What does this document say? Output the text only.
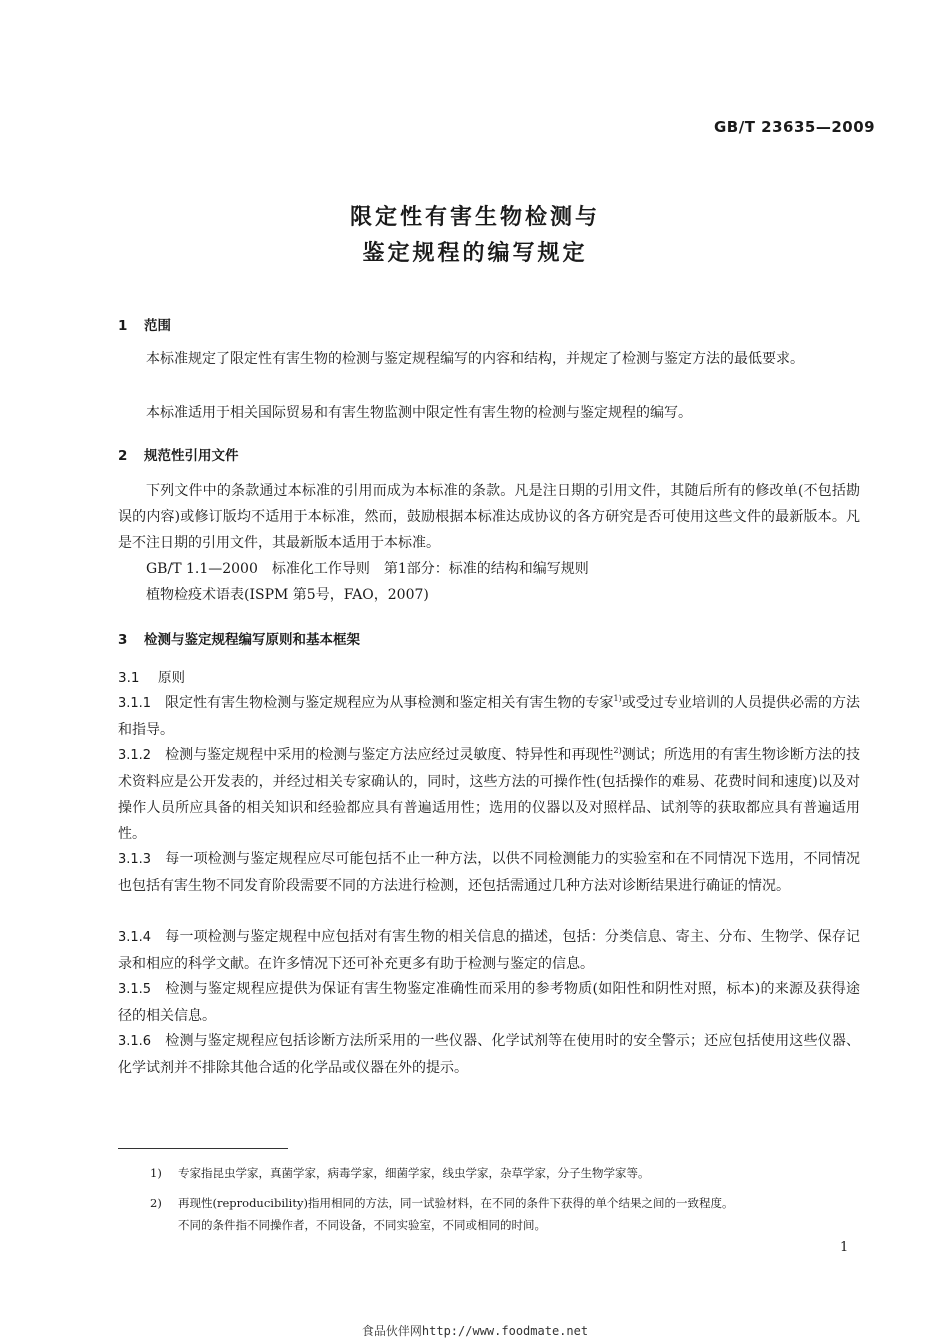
GB/T 23635—2009
限定性有害生物检测与
鉴定规程的编写规定
1 范围
本标准规定了限定性有害生物的检测与鉴定规程编写的内容和结构，并规定了检测与鉴定方法的最低要求。
本标准适用于相关国际贸易和有害生物监测中限定性有害生物的检测与鉴定规程的编写。
2 规范性引用文件
下列文件中的条款通过本标准的引用而成为本标准的条款。凡是注日期的引用文件，其随后所有的修改单(不包括勘误的内容)或修订版均不适用于本标准，然而，鼓励根据本标准达成协议的各方研究是否可使用这些文件的最新版本。凡是不注日期的引用文件，其最新版本适用于本标准。
GB/T 1.1—2000　标准化工作导则　第1部分：标准的结构和编写规则
植物检疫术语表(ISPM 第5号，FAO，2007)
3 检测与鉴定规程编写原则和基本框架
3.1 原则
3.1.1 限定性有害生物检测与鉴定规程应为从事检测和鉴定相关有害生物的专家$^{1)}$或受过专业培训的人员提供必需的方法和指导。
3.1.2 检测与鉴定规程中采用的检测与鉴定方法应经过灵敏度、特异性和再现性$^{2)}$测试；所选用的有害生物诊断方法的技术资料应是公开发表的，并经过相关专家确认的，同时，这些方法的可操作性(包括操作的难易、花费时间和速度)以及对操作人员所应具备的相关知识和经验都应具有普遍适用性；选用的仪器以及对照样品、试剂等的获取都应具有普遍适用性。
3.1.3 每一项检测与鉴定规程应尽可能包括不止一种方法，以供不同检测能力的实验室和在不同情况下选用，不同情况也包括有害生物不同发育阶段需要不同的方法进行检测，还包括需通过几种方法对诊断结果进行确证的情况。
3.1.4 每一项检测与鉴定规程中应包括对有害生物的相关信息的描述，包括：分类信息、寄主、分布、生物学、保存记录和相应的科学文献。在许多情况下还可补充更多有助于检测与鉴定的信息。
3.1.5 检测与鉴定规程应提供为保证有害生物鉴定准确性而采用的参考物质(如阳性和阴性对照，标本)的来源及获得途径的相关信息。
3.1.6 检测与鉴定规程应包括诊断方法所采用的一些仪器、化学试剂等在使用时的安全警示；还应包括使用这些仪器、化学试剂并不排除其他合适的化学品或仪器在外的提示。
1) 专家指昆虫学家，真菌学家，病毒学家，细菌学家，线虫学家，杂草学家，分子生物学家等。
2) 再现性(reproducibility)指用相同的方法，同一试验材料，在不同的条件下获得的单个结果之间的一致程度。
不同的条件指不同操作者，不同设备，不同实验室，不同或相同的时间。
1
食品伙伴网http://www.foodmate.net
